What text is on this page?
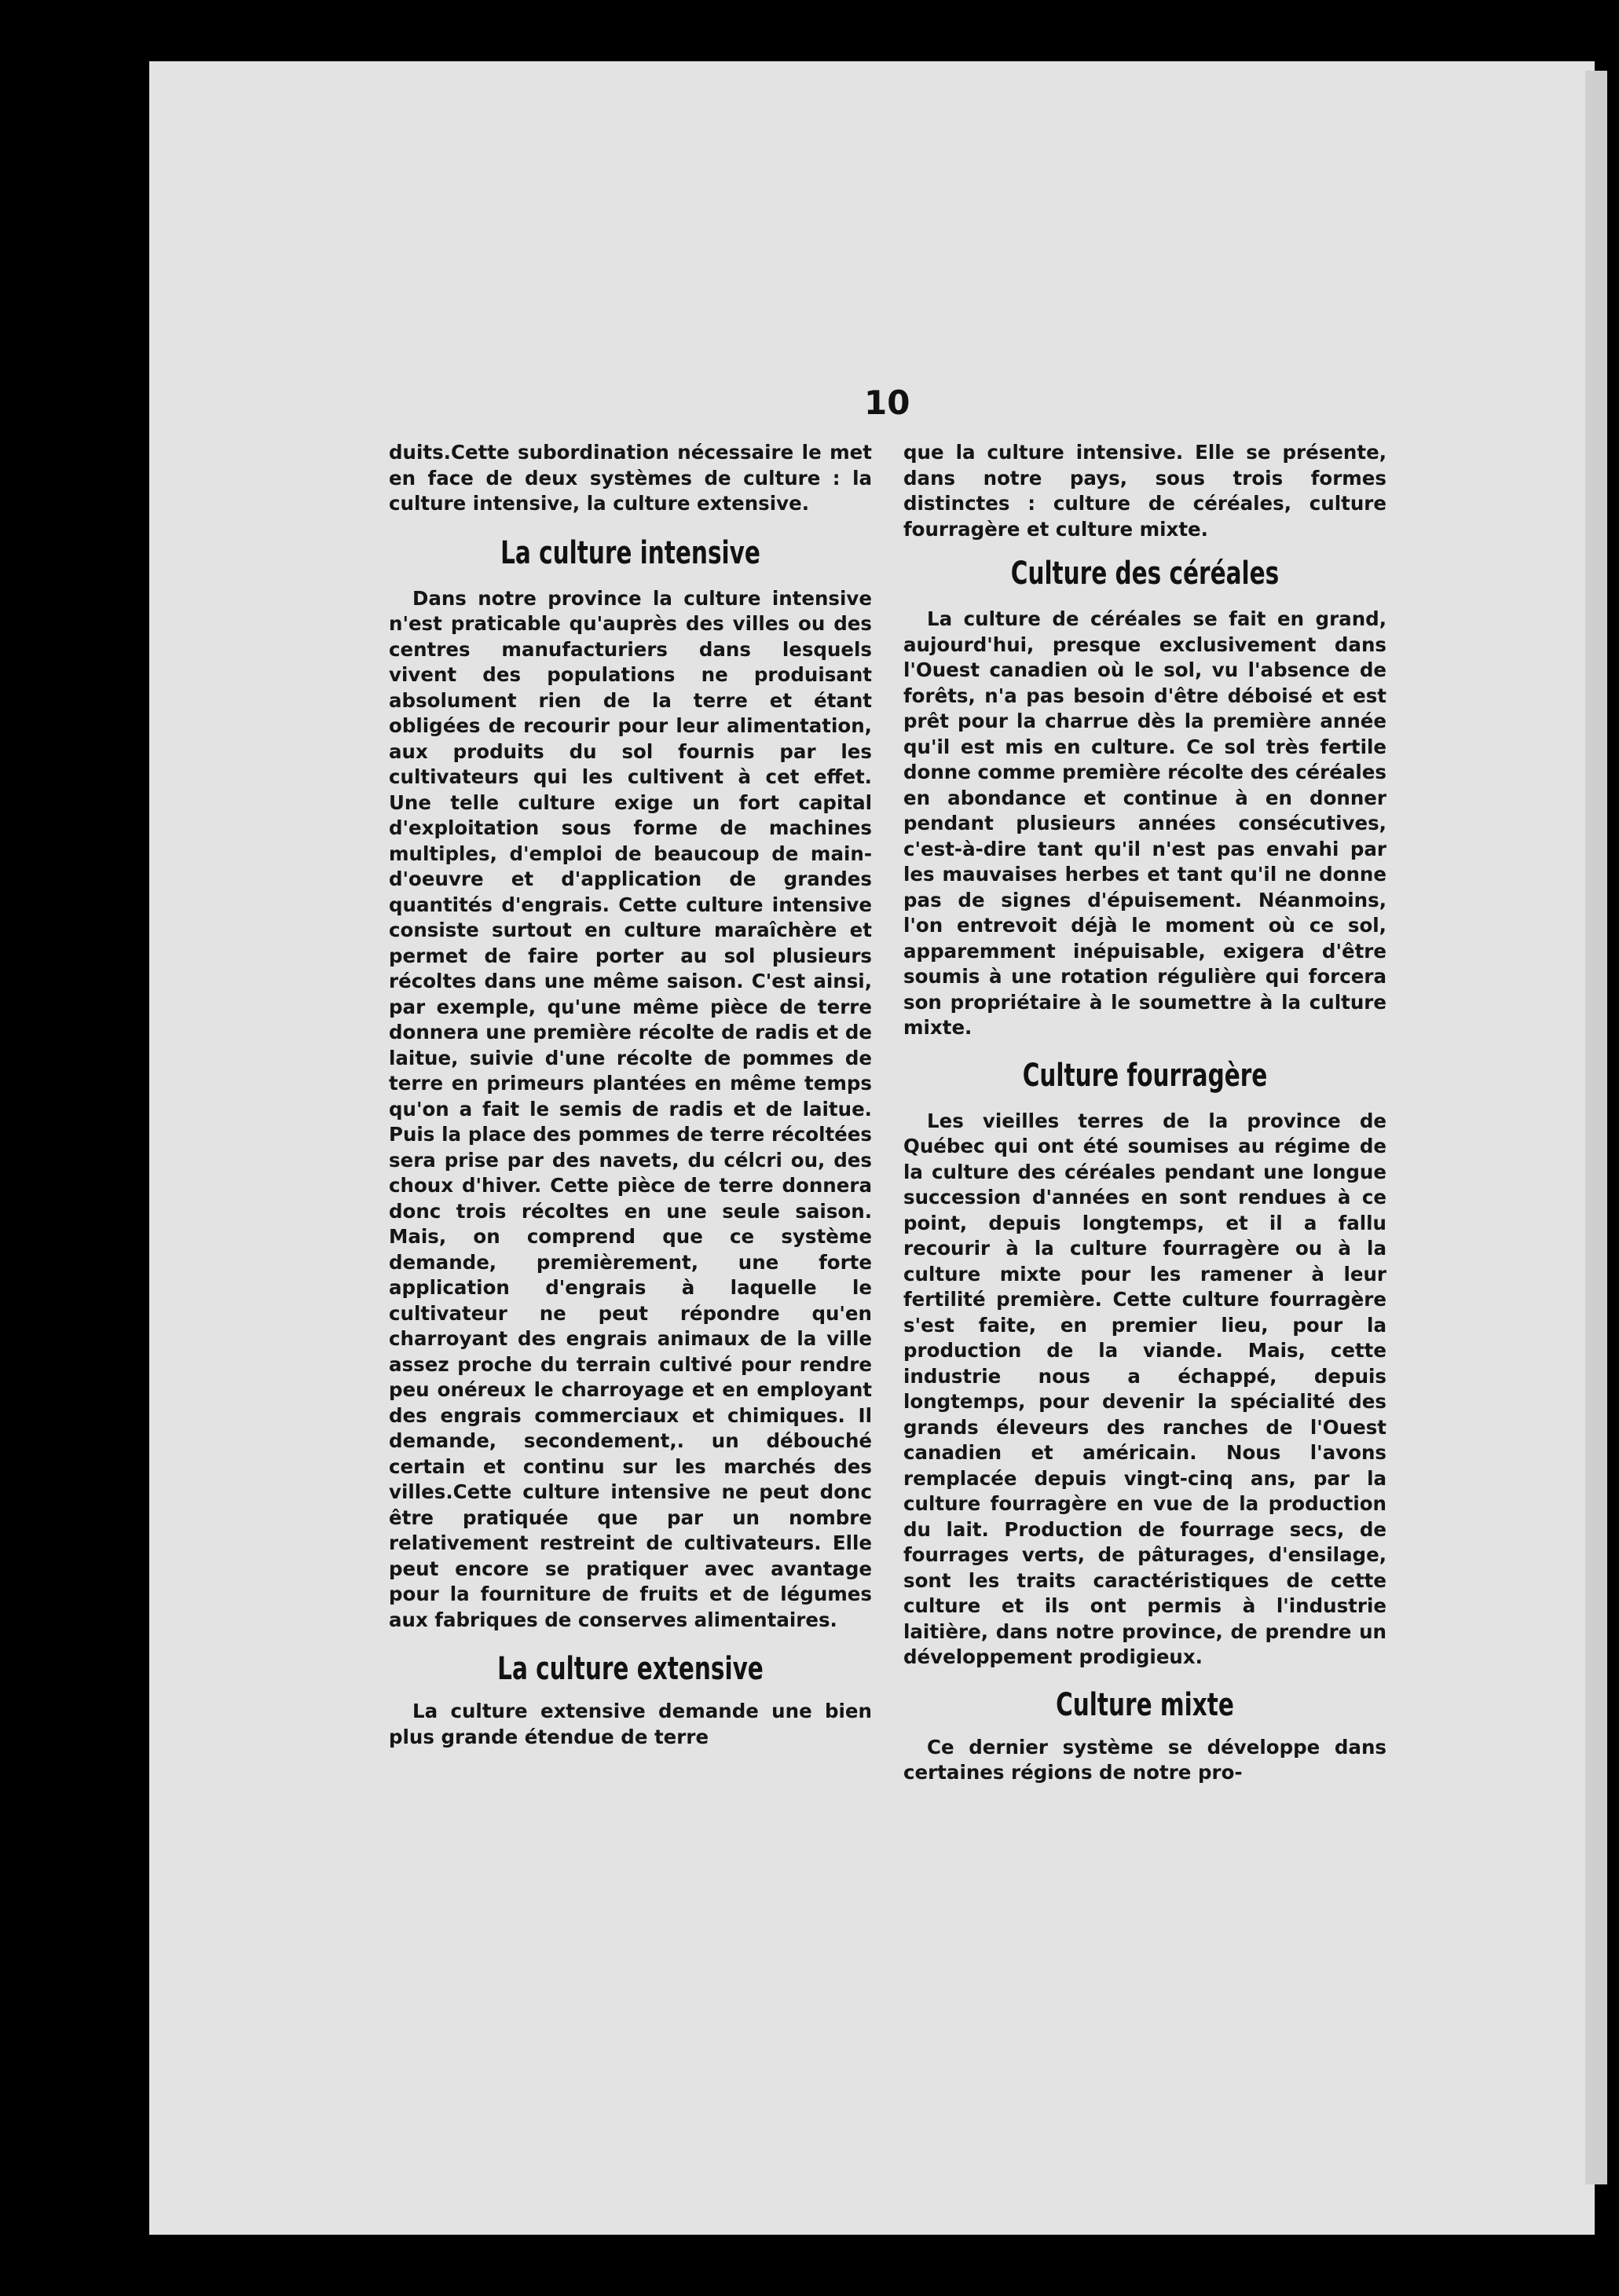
10

duits.Cette subordination nécessaire le met en face de deux systèmes de culture : la culture intensive, la culture extensive.

La culture intensive

Dans notre province la culture intensive n'est praticable qu'auprès des villes ou des centres manufacturiers dans lesquels vivent des populations ne produisant absolument rien de la terre et étant obligées de recourir pour leur alimentation, aux produits du sol fournis par les cultivateurs qui les cultivent à cet effet. Une telle culture exige un fort capital d'exploitation sous forme de machines multiples, d'emploi de beaucoup de main-d'oeuvre et d'application de grandes quantités d'engrais. Cette culture intensive consiste surtout en culture maraîchère et permet de faire porter au sol plusieurs récoltes dans une même saison. C'est ainsi, par exemple, qu'une même pièce de terre donnera une première récolte de radis et de laitue, suivie d'une récolte de pommes de terre en primeurs plantées en même temps qu'on a fait le semis de radis et de laitue. Puis la place des pommes de terre récoltées sera prise par des navets, du célcri ou, des choux d'hiver. Cette pièce de terre donnera donc trois récoltes en une seule saison. Mais, on comprend que ce système demande, premièrement, une forte application d'engrais à laquelle le cultivateur ne peut répondre qu'en charroyant des engrais animaux de la ville assez proche du terrain cultivé pour rendre peu onéreux le charroyage et en employant des engrais commerciaux et chimiques. Il demande, secondement,. un débouché certain et continu sur les marchés des villes.Cette culture intensive ne peut donc être pratiquée que par un nombre relativement restreint de cultivateurs. Elle peut encore se pratiquer avec avantage pour la fourniture de fruits et de légumes aux fabriques de conserves alimentaires.

La culture extensive

La culture extensive demande une bien plus grande étendue de terre

que la culture intensive. Elle se présente, dans notre pays, sous trois formes distinctes : culture de céréales, culture fourragère et culture mixte.

Culture des céréales

La culture de céréales se fait en grand, aujourd'hui, presque exclusivement dans l'Ouest canadien où le sol, vu l'absence de forêts, n'a pas besoin d'être déboisé et est prêt pour la charrue dès la première année qu'il est mis en culture. Ce sol très fertile donne comme première récolte des céréales en abondance et continue à en donner pendant plusieurs années consécutives, c'est-à-dire tant qu'il n'est pas envahi par les mauvaises herbes et tant qu'il ne donne pas de signes d'épuisement. Néanmoins, l'on entrevoit déjà le moment où ce sol, apparemment inépuisable, exigera d'être soumis à une rotation régulière qui forcera son propriétaire à le soumettre à la culture mixte.

Culture fourragère

Les vieilles terres de la province de Québec qui ont été soumises au régime de la culture des céréales pendant une longue succession d'années en sont rendues à ce point, depuis longtemps, et il a fallu recourir à la culture fourragère ou à la culture mixte pour les ramener à leur fertilité première. Cette culture fourragère s'est faite, en premier lieu, pour la production de la viande. Mais, cette industrie nous a échappé, depuis longtemps, pour devenir la spécialité des grands éleveurs des ranches de l'Ouest canadien et américain. Nous l'avons remplacée depuis vingt-cinq ans, par la culture fourragère en vue de la production du lait. Production de fourrage secs, de fourrages verts, de pâturages, d'ensilage, sont les traits caractéristiques de cette culture et ils ont permis à l'industrie laitière, dans notre province, de prendre un développement prodigieux.

Culture mixte

Ce dernier système se développe dans certaines régions de notre pro-
